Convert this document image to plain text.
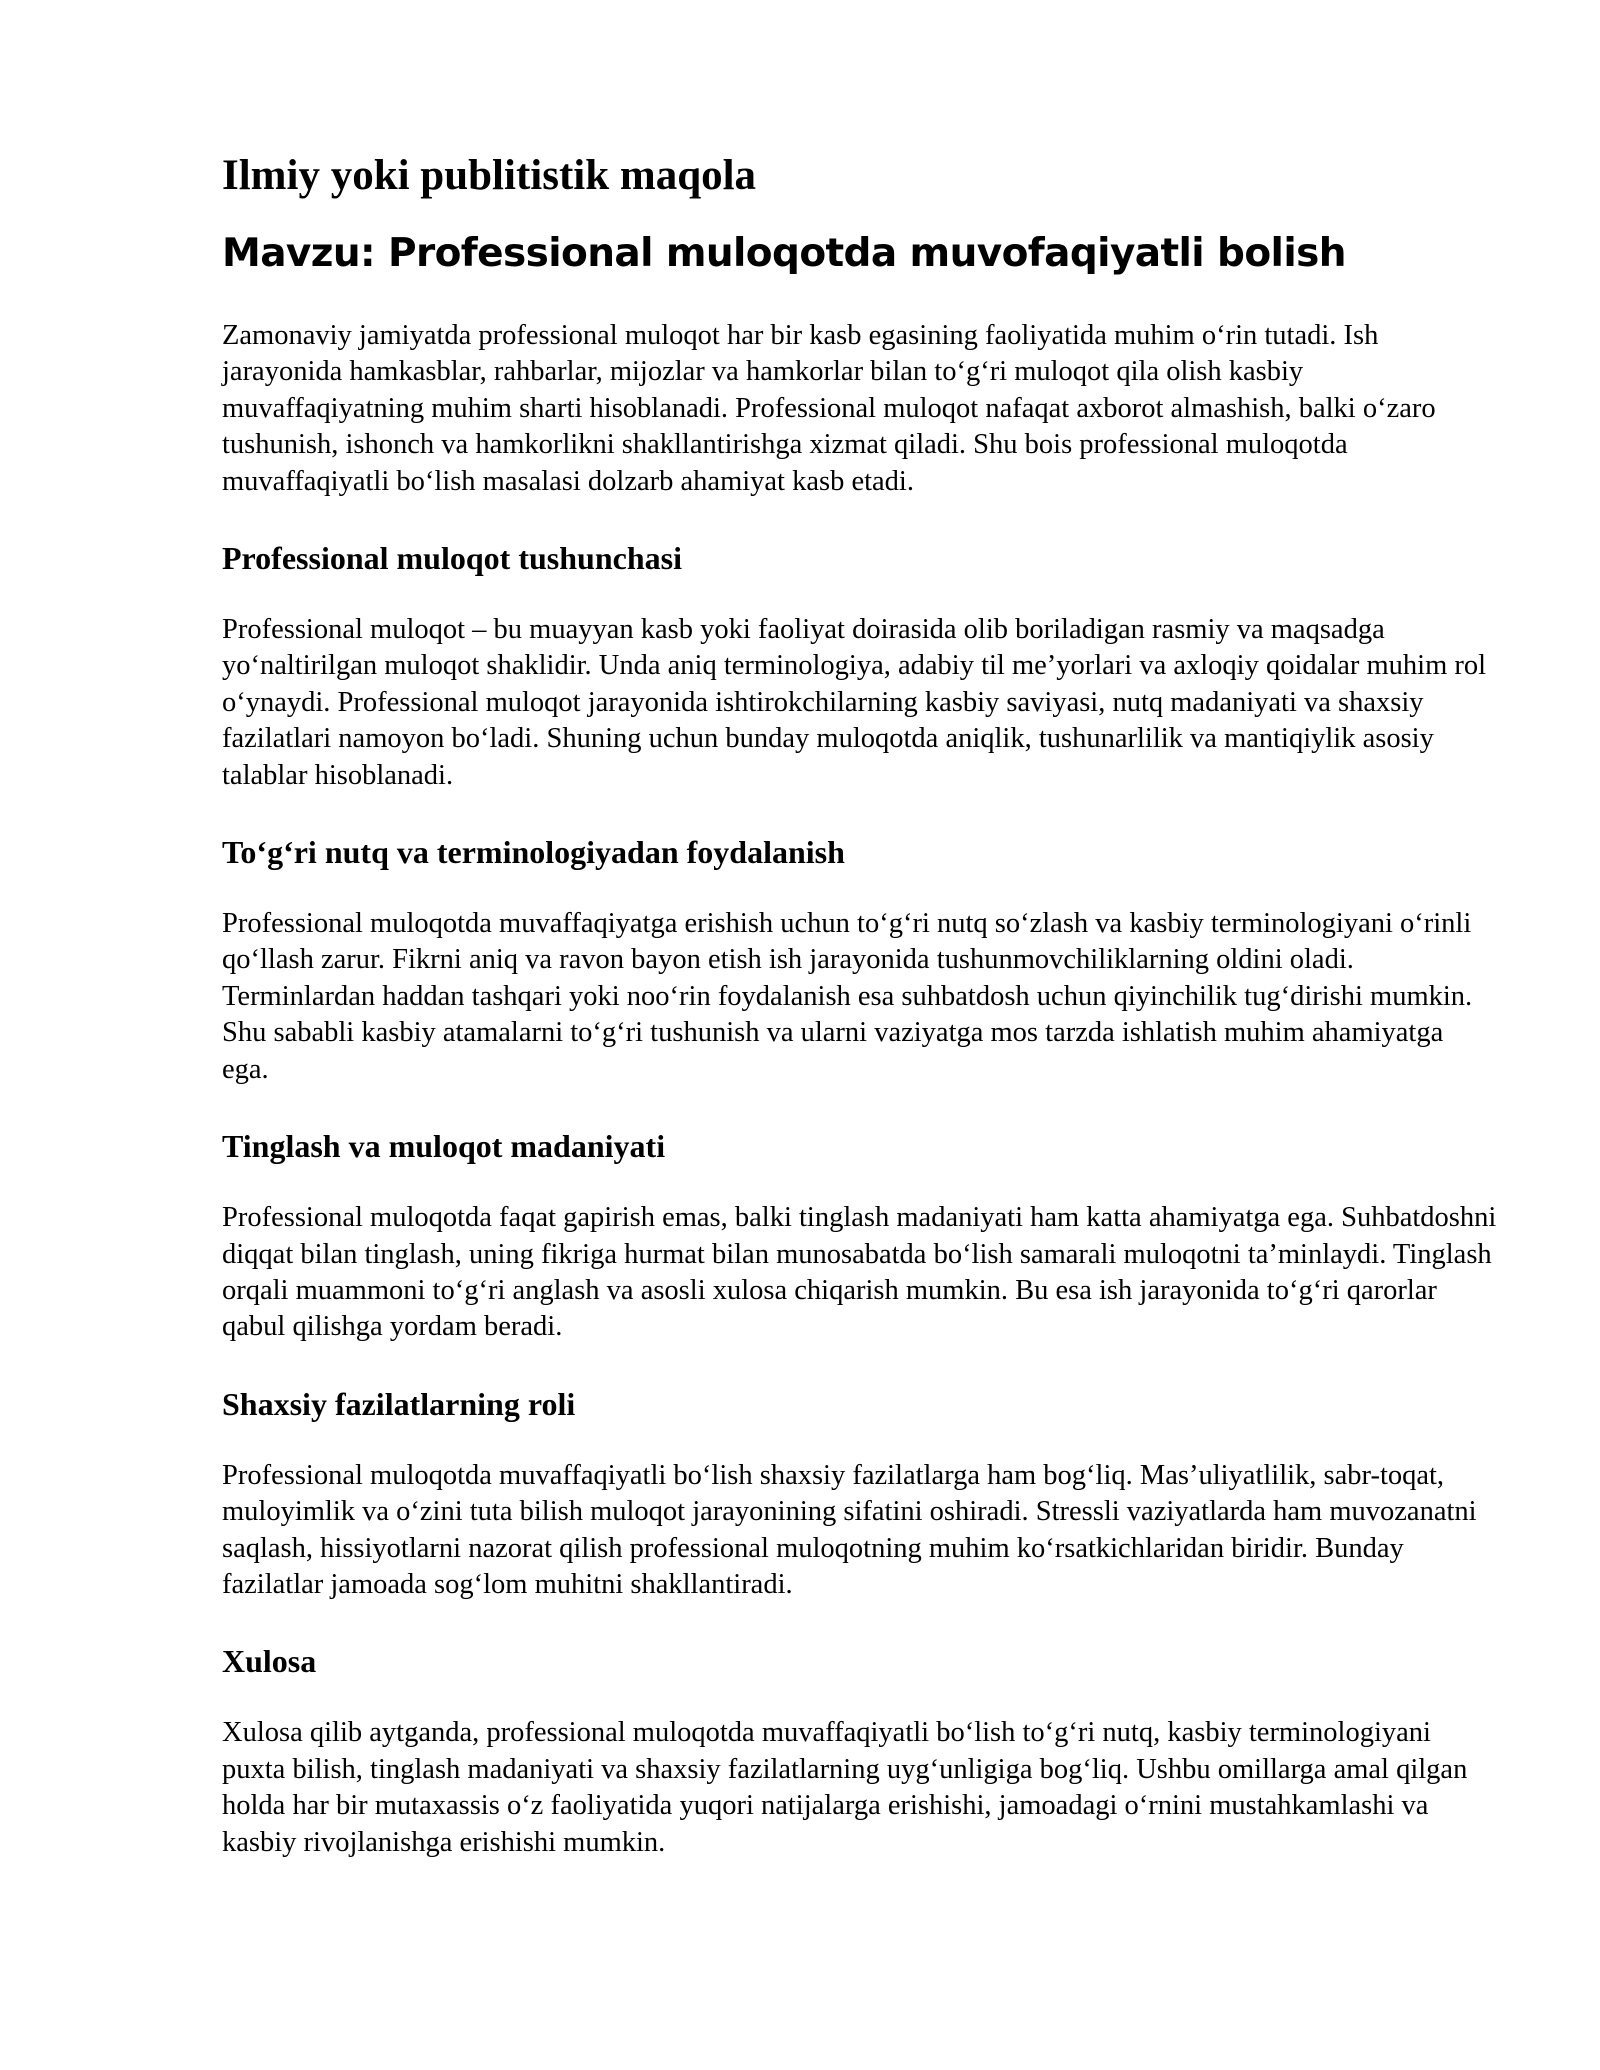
Ilmiy yoki publitistik maqola
Mavzu: Professional muloqotda muvofaqiyatli bolish

Zamonaviy jamiyatda professional muloqot har bir kasb egasining faoliyatida muhim o‘rin tutadi. Ish jarayonida hamkasblar, rahbarlar, mijozlar va hamkorlar bilan to‘g‘ri muloqot qila olish kasbiy muvaffaqiyatning muhim sharti hisoblanadi. Professional muloqot nafaqat axborot almashish, balki o‘zaro tushunish, ishonch va hamkorlikni shakllantirishga xizmat qiladi. Shu bois professional muloqotda muvaffaqiyatli bo‘lish masalasi dolzarb ahamiyat kasb etadi.

Professional muloqot tushunchasi

Professional muloqot – bu muayyan kasb yoki faoliyat doirasida olib boriladigan rasmiy va maqsadga yo‘naltirilgan muloqot shaklidir. Unda aniq terminologiya, adabiy til me’yorlari va axloqiy qoidalar muhim rol o‘ynaydi. Professional muloqot jarayonida ishtirokchilarning kasbiy saviyasi, nutq madaniyati va shaxsiy fazilatlari namoyon bo‘ladi. Shuning uchun bunday muloqotda aniqlik, tushunarlilik va mantiqiylik asosiy talablar hisoblanadi.

To‘g‘ri nutq va terminologiyadan foydalanish

Professional muloqotda muvaffaqiyatga erishish uchun to‘g‘ri nutq so‘zlash va kasbiy terminologiyani o‘rinli qo‘llash zarur. Fikrni aniq va ravon bayon etish ish jarayonida tushunmovchiliklarning oldini oladi. Terminlardan haddan tashqari yoki noo‘rin foydalanish esa suhbatdosh uchun qiyinchilik tug‘dirishi mumkin. Shu sababli kasbiy atamalarni to‘g‘ri tushunish va ularni vaziyatga mos tarzda ishlatish muhim ahamiyatga ega.

Tinglash va muloqot madaniyati

Professional muloqotda faqat gapirish emas, balki tinglash madaniyati ham katta ahamiyatga ega. Suhbatdoshni diqqat bilan tinglash, uning fikriga hurmat bilan munosabatda bo‘lish samarali muloqotni ta’minlaydi. Tinglash orqali muammoni to‘g‘ri anglash va asosli xulosa chiqarish mumkin. Bu esa ish jarayonida to‘g‘ri qarorlar qabul qilishga yordam beradi.

Shaxsiy fazilatlarning roli

Professional muloqotda muvaffaqiyatli bo‘lish shaxsiy fazilatlarga ham bog‘liq. Mas’uliyatlilik, sabr-toqat, muloyimlik va o‘zini tuta bilish muloqot jarayonining sifatini oshiradi. Stressli vaziyatlarda ham muvozanatni saqlash, hissiyotlarni nazorat qilish professional muloqotning muhim ko‘rsatkichlaridan biridir. Bunday fazilatlar jamoada sog‘lom muhitni shakllantiradi.

Xulosa

Xulosa qilib aytganda, professional muloqotda muvaffaqiyatli bo‘lish to‘g‘ri nutq, kasbiy terminologiyani puxta bilish, tinglash madaniyati va shaxsiy fazilatlarning uyg‘unligiga bog‘liq. Ushbu omillarga amal qilgan holda har bir mutaxassis o‘z faoliyatida yuqori natijalarga erishishi, jamoadagi o‘rnini mustahkamlashi va kasbiy rivojlanishga erishishi mumkin.
